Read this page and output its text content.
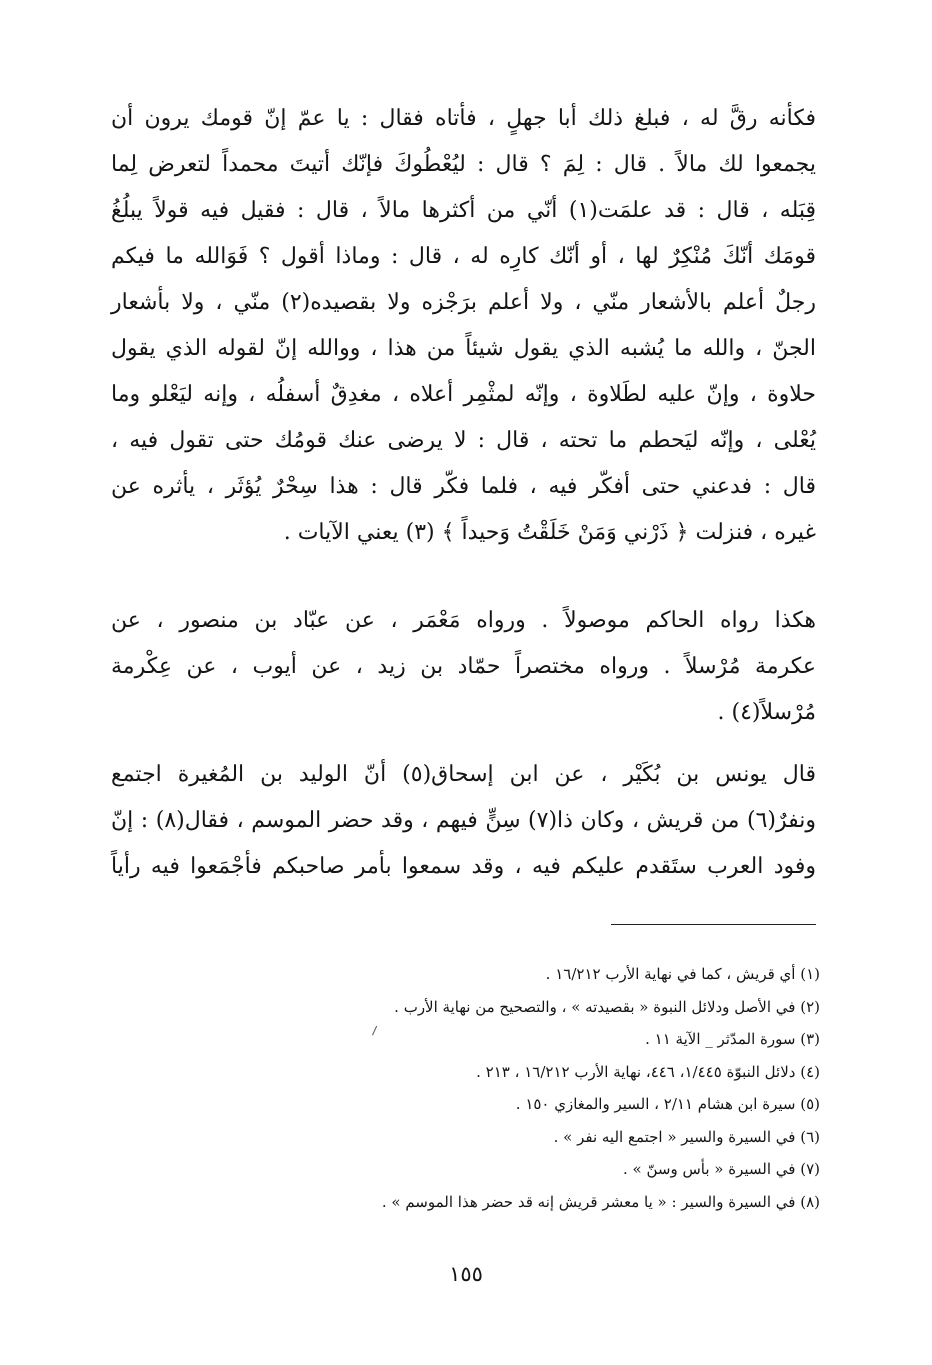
فكأنه رقَّ له ، فبلغ ذلك أبا جهلٍ ، فأتاه فقال : يا عمّ إنّ قومك يرون أن
يجمعوا لك مالاً . قال : لِمَ ؟ قال : ليُعْطُوكَ فإنّك أتيتَ محمداً لتعرض لِما
قِبَله ، قال : قد علمَت(١) أنّي من أكثرها مالاً ، قال : فقيل فيه قولاً يبلُغُ
قومَك أنّكَ مُنْكِرٌ لها ، أو أنّك كارِه له ، قال : وماذا أقول ؟ فَوَالله ما فيكم
رجلٌ أعلم بالأشعار منّي ، ولا أعلم برَجْزه ولا بقصيده(٢) منّي ، ولا بأشعار
الجنّ ، والله ما يُشبه الذي يقول شيئاً من هذا ، ووالله إنّ لقوله الذي يقول
حلاوة ، وإنّ عليه لطَلاوة ، وإنّه لمثْمِر أعلاه ، مغدِقٌ أسفلُه ، وإنه ليَعْلو وما
يُعْلى ، وإنّه ليَحطم ما تحته ، قال : لا يرضى عنك قومُك حتى تقول فيه ،
قال : فدعني حتى أفكّر فيه ، فلما فكّر قال : هذا سِحْرٌ يُؤثَر ، يأثره عن
غيره ، فنزلت ﴿ ذَرْني وَمَنْ خَلَقْتُ وَحيداً ﴾ (٣) يعني الآيات .
هكذا رواه الحاكم موصولاً . ورواه مَعْمَر ، عن عبّاد بن منصور ، عن
عكرمة مُرْسلاً . ورواه مختصراً حمّاد بن زيد ، عن أيوب ، عن عِكْرمة
مُرْسلاً(٤) .
قال يونس بن بُكَيْر ، عن ابن إسحاق(٥) أنّ الوليد بن المُغيرة اجتمع
ونفرٌ(٦) من قريش ، وكان ذا(٧) سِنٍّ فيهم ، وقد حضر الموسم ، فقال(٨) : إنّ
وفود العرب ستَقدم عليكم فيه ، وقد سمعوا بأمر صاحبكم فأجْمَعوا فيه رأياً
(١) أي قريش ، كما في نهاية الأرب ١٦/٢١٢ .
(٢) في الأصل ودلائل النبوة « بقصيدته » ، والتصحيح من نهاية الأرب .
(٣) سورة المدّثر _ الآية ١١ .
(٤) دلائل النبوّة ١/٤٤٥، ٤٤٦، نهاية الأرب ١٦/٢١٢ ، ٢١٣ .
(٥) سيرة ابن هشام ٢/١١ ، السير والمغازي ١٥٠ .
(٦) في السيرة والسير « اجتمع اليه نفر » .
(٧) في السيرة « بأس وسنّ » .
(٨) في السيرة والسير : « يا معشر قريش إنه قد حضر هذا الموسم » .
١٥٥
